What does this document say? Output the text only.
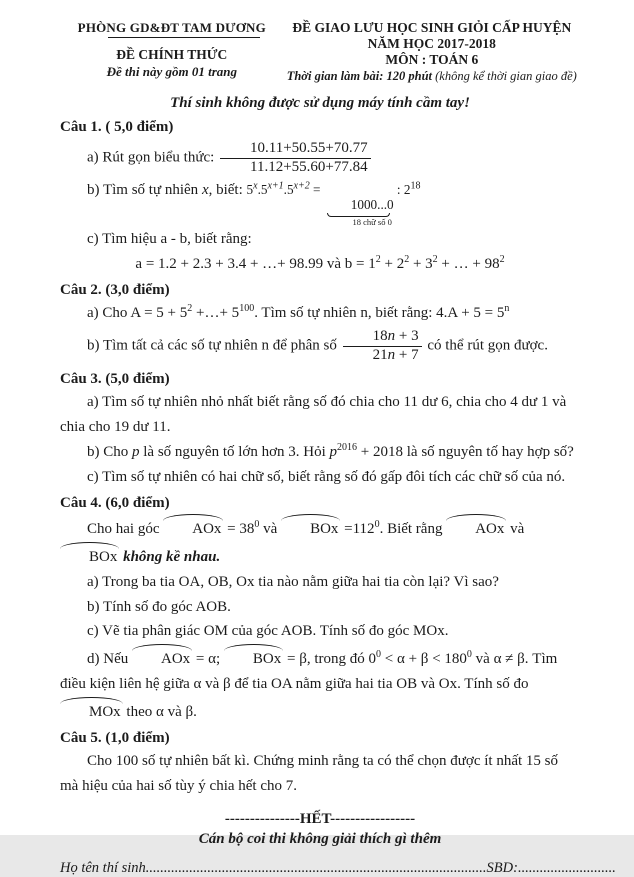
PHÒNG GD&ĐT TAM DƯƠNG
ĐỀ CHÍNH THỨC
Đề thi này gồm 01 trang
ĐỀ GIAO LƯU HỌC SINH GIỎI CẤP HUYỆN
NĂM HỌC 2017-2018
MÔN : TOÁN 6
Thời gian làm bài: 120 phút (không kể thời gian giao đề)
Thí sinh không được sử dụng máy tính cầm tay!
Câu 1. ( 5,0 điểm)

a) Rút gọn biểu thức: $\frac{10.11+50.55+70.77}{11.12+55.60+77.84}$

b) Tìm số tự nhiên x, biết: $5^x.5^{x+1}.5^{x+2}$ =
1000...0
18 chữ số 0
: $2^{18}$

c) Tìm hiệu a - b, biết rằng:

a = 1.2 + 2.3 + 3.4 + …+ 98.99 và $b = 1^2 + 2^2 + 3^2$ + … + $98^2$

Câu 2. (3,0 điểm)

a) Cho $A = 5 + 5^2$ +…+ $5^{100}$. Tìm số tự nhiên n, biết rằng: $4.A + 5 = 5^n$

b) Tìm tất cả các số tự nhiên n để phân số $\frac{18n + 3}{21n + 7}$ có thể rút gọn được.

Câu 3. (5,0 điểm)

a) Tìm số tự nhiên nhỏ nhất biết rằng số đó chia cho 11 dư 6, chia cho 4 dư 1 và chia cho 19 dư 11.

b) Cho p là số nguyên tố lớn hơn 3. Hỏi $p^{2016} + 2018$ là số nguyên tố hay hợp số?

c) Tìm số tự nhiên có hai chữ số, biết rằng số đó gấp đôi tích các chữ số của nó.

Câu 4. (6,0 điểm)

Cho hai góc AOx = $38^0$ và BOx $=112^0$. Biết rằng AOx và BOx không kề nhau.

a) Trong ba tia OA, OB, Ox tia nào nằm giữa hai tia còn lại? Vì sao?

b) Tính số đo góc AOB.

c) Vẽ tia phân giác OM của góc AOB. Tính số đo góc MOx.

d) Nếu AOx = α; BOx = β, trong đó $0^0 < \alpha + \beta < 180^0$ và α ≠ β. Tìm điều kiện liên hệ giữa α và β để tia OA nằm giữa hai tia OB và Ox. Tính số đo MOx theo α và β.

Câu 5. (1,0 điểm)

Cho 100 số tự nhiên bất kì. Chứng minh rằng ta có thể chọn được ít nhất 15 số mà hiệu của hai số tùy ý chia hết cho 7.

---------------HẾT-----------------
Cán bộ coi thi không giải thích gì thêm
Họ tên thí sinh..............................................................................................SBD:...........................
